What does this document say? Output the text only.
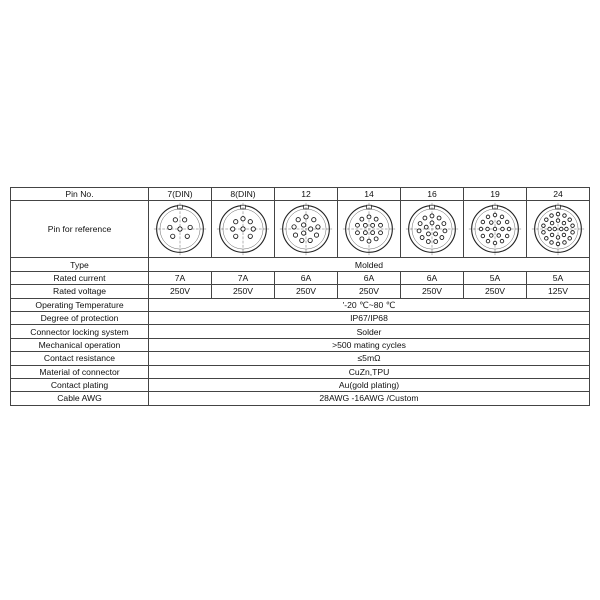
Pin No.	7(DIN)	8(DIN)	12	14	16	19	24
Pin for reference	

Type	Molded						
Rated current	7A	7A	6A	6A	6A	5A	5A
Rated voltage	250V	250V	250V	250V	250V	250V	125V
Operating Temperature	'-20 ℃~80 ℃						
Degree of protection	IP67/IP68						
Connector locking system	Solder						
Mechanical operation	>500 mating cycles						
Contact resistance	≤5mΩ						
Material of connector	CuZn,TPU						
Contact plating	Au(gold plating)						
Cable AWG	28AWG -16AWG /Custom						
